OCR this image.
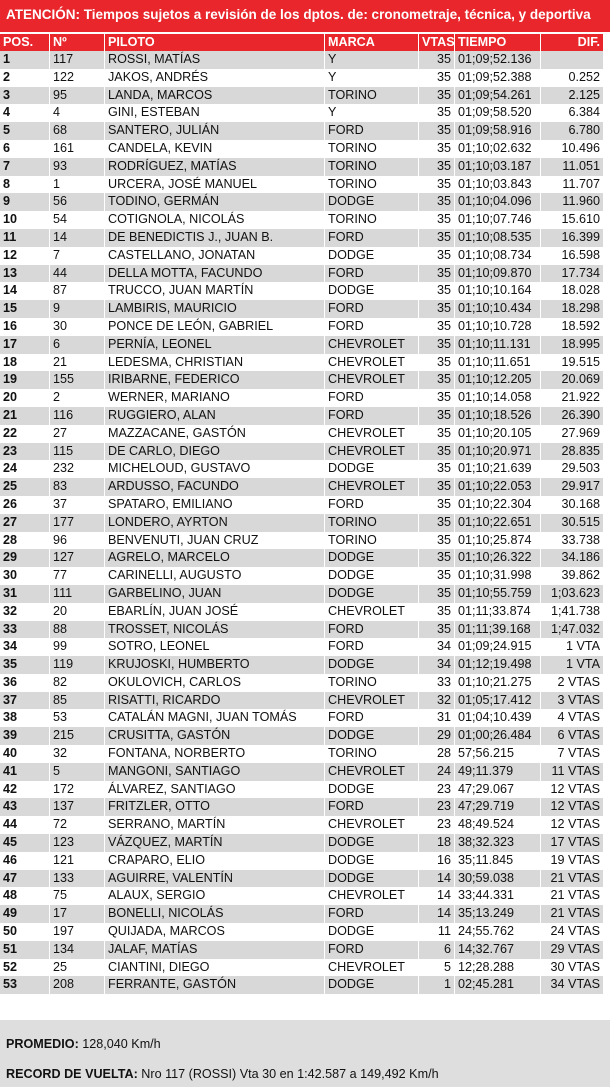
ATENCIÓN: Tiempos sujetos a revisión de los dptos. de: cronometraje, técnica, y deportiva
POS.	Nº	PILOTO	MARCA	VTAS	TIEMPO	DIF.
1	117	ROSSI, MATÍAS	Y	35	01;09;52.136	
2	122	JAKOS, ANDRÉS	Y	35	01;09;52.388	0.252
3	95	LANDA, MARCOS	TORINO	35	01;09;54.261	2.125
4	4	GINI, ESTEBAN	Y	35	01;09;58.520	6.384
5	68	SANTERO, JULIÁN	FORD	35	01;09;58.916	6.780
6	161	CANDELA, KEVIN	TORINO	35	01;10;02.632	10.496
7	93	RODRÍGUEZ, MATÍAS	TORINO	35	01;10;03.187	11.051
8	1	URCERA, JOSÉ MANUEL	TORINO	35	01;10;03.843	11.707
9	56	TODINO, GERMÁN	DODGE	35	01;10;04.096	11.960
10	54	COTIGNOLA, NICOLÁS	TORINO	35	01;10;07.746	15.610
11	14	DE BENEDICTIS J., JUAN B.	FORD	35	01;10;08.535	16.399
12	7	CASTELLANO, JONATAN	DODGE	35	01;10;08.734	16.598
13	44	DELLA MOTTA, FACUNDO	FORD	35	01;10;09.870	17.734
14	87	TRUCCO, JUAN MARTÍN	DODGE	35	01;10;10.164	18.028
15	9	LAMBIRIS, MAURICIO	FORD	35	01;10;10.434	18.298
16	30	PONCE DE LEÓN, GABRIEL	FORD	35	01;10;10.728	18.592
17	6	PERNÍA, LEONEL	CHEVROLET	35	01;10;11.131	18.995
18	21	LEDESMA, CHRISTIAN	CHEVROLET	35	01;10;11.651	19.515
19	155	IRIBARNE, FEDERICO	CHEVROLET	35	01;10;12.205	20.069
20	2	WERNER, MARIANO	FORD	35	01;10;14.058	21.922
21	116	RUGGIERO, ALAN	FORD	35	01;10;18.526	26.390
22	27	MAZZACANE, GASTÓN	CHEVROLET	35	01;10;20.105	27.969
23	115	DE CARLO, DIEGO	CHEVROLET	35	01;10;20.971	28.835
24	232	MICHELOUD, GUSTAVO	DODGE	35	01;10;21.639	29.503
25	83	ARDUSSO, FACUNDO	CHEVROLET	35	01;10;22.053	29.917
26	37	SPATARO, EMILIANO	FORD	35	01;10;22.304	30.168
27	177	LONDERO, AYRTON	TORINO	35	01;10;22.651	30.515
28	96	BENVENUTI, JUAN CRUZ	TORINO	35	01;10;25.874	33.738
29	127	AGRELO, MARCELO	DODGE	35	01;10;26.322	34.186
30	77	CARINELLI, AUGUSTO	DODGE	35	01;10;31.998	39.862
31	111	GARBELINO, JUAN	DODGE	35	01;10;55.759	1;03.623
32	20	EBARLÍN, JUAN JOSÉ	CHEVROLET	35	01;11;33.874	1;41.738
33	88	TROSSET, NICOLÁS	FORD	35	01;11;39.168	1;47.032
34	99	SOTRO, LEONEL	FORD	34	01;09;24.915	1 VTA
35	119	KRUJOSKI, HUMBERTO	DODGE	34	01;12;19.498	1 VTA
36	82	OKULOVICH, CARLOS	TORINO	33	01;10;21.275	2 VTAS
37	85	RISATTI, RICARDO	CHEVROLET	32	01;05;17.412	3 VTAS
38	53	CATALÁN MAGNI, JUAN TOMÁS	FORD	31	01;04;10.439	4 VTAS
39	215	CRUSITTA, GASTÓN	DODGE	29	01;00;26.484	6 VTAS
40	32	FONTANA, NORBERTO	TORINO	28	57;56.215	7 VTAS
41	5	MANGONI, SANTIAGO	CHEVROLET	24	49;11.379	11 VTAS
42	172	ÁLVAREZ, SANTIAGO	DODGE	23	47;29.067	12 VTAS
43	137	FRITZLER, OTTO	FORD	23	47;29.719	12 VTAS
44	72	SERRANO, MARTÍN	CHEVROLET	23	48;49.524	12 VTAS
45	123	VÁZQUEZ, MARTÍN	DODGE	18	38;32.323	17 VTAS
46	121	CRAPARO, ELIO	DODGE	16	35;11.845	19 VTAS
47	133	AGUIRRE, VALENTÍN	DODGE	14	30;59.038	21 VTAS
48	75	ALAUX, SERGIO	CHEVROLET	14	33;44.331	21 VTAS
49	17	BONELLI, NICOLÁS	FORD	14	35;13.249	21 VTAS
50	197	QUIJADA, MARCOS	DODGE	11	24;55.762	24 VTAS
51	134	JALAF, MATÍAS	FORD	6	14;32.767	29 VTAS
52	25	CIANTINI, DIEGO	CHEVROLET	5	12;28.288	30 VTAS
53	208	FERRANTE, GASTÓN	DODGE	1	02;45.281	34 VTAS
PROMEDIO: 128,040 Km/h
RECORD DE VUELTA: Nro 117 (ROSSI) Vta 30 en 1:42.587 a 149,492 Km/h
